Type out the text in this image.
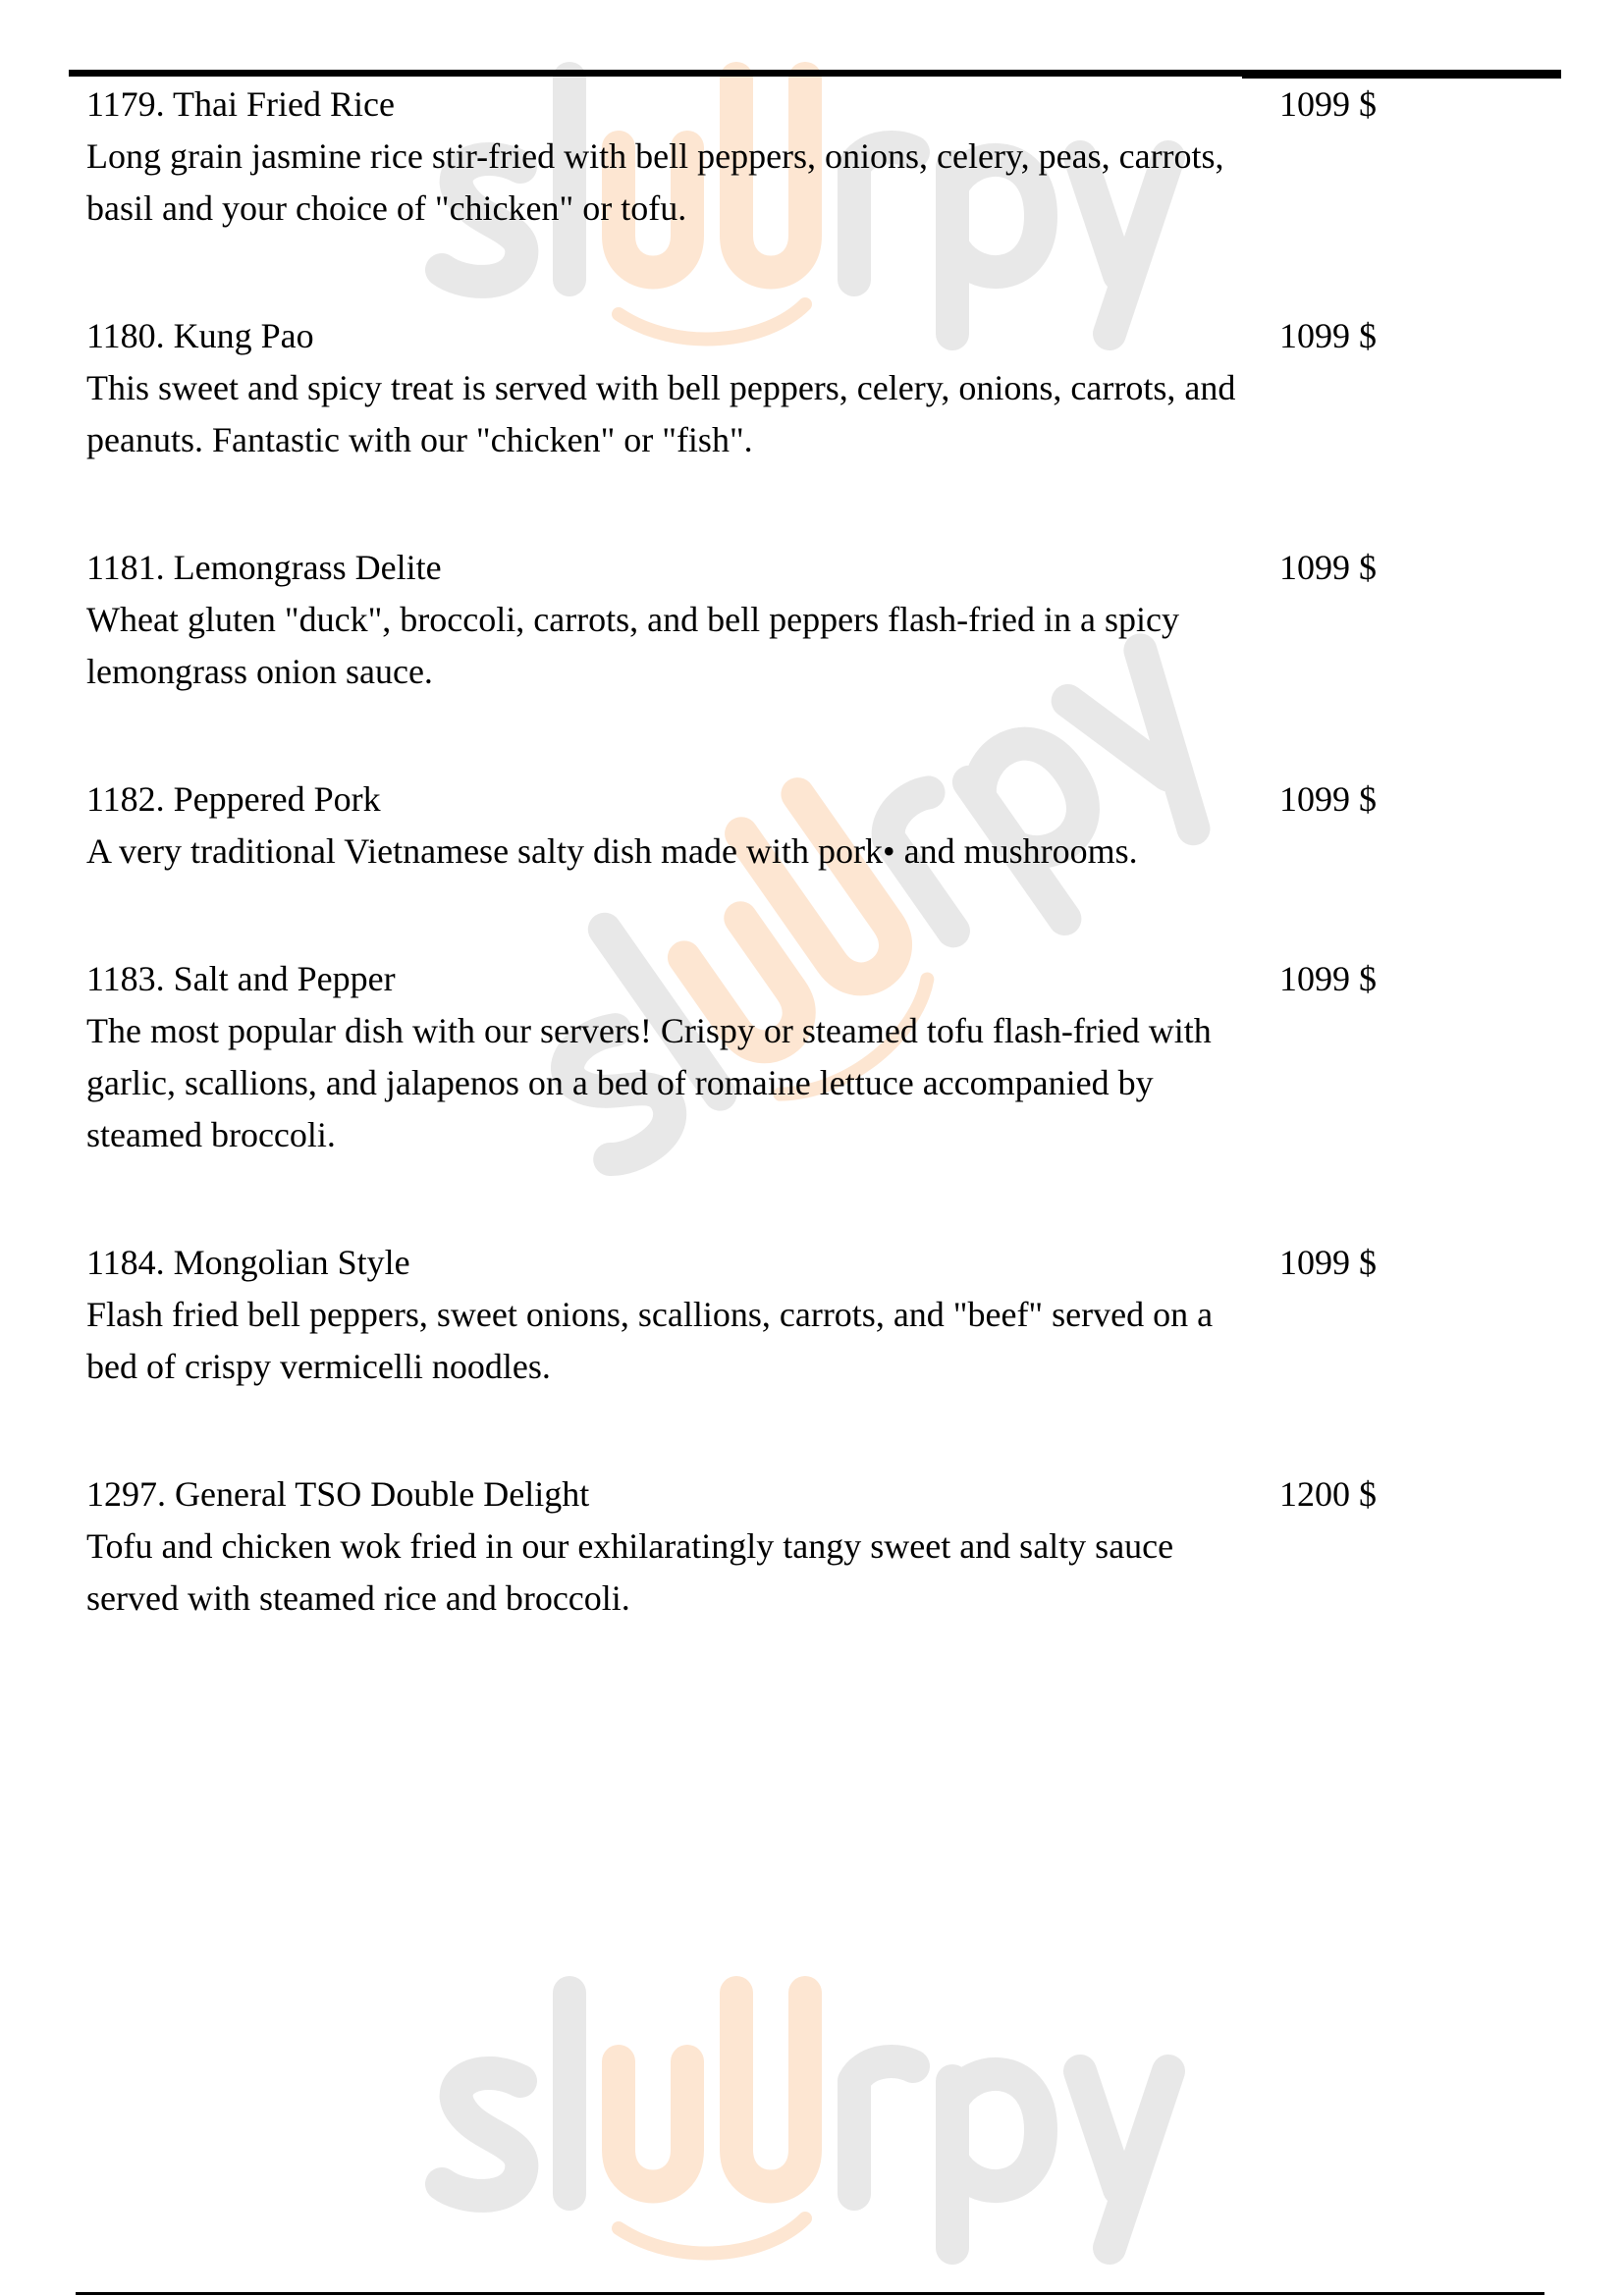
1179. Thai Fried Rice
Long grain jasmine rice stir-fried with bell peppers, onions, celery, peas, carrots, basil and your choice of "chicken" or tofu.
1099 $
1180. Kung Pao
This sweet and spicy treat is served with bell peppers, celery, onions, carrots, and peanuts. Fantastic with our "chicken" or "fish".
1099 $
1181. Lemongrass Delite
Wheat gluten "duck", broccoli, carrots, and bell peppers flash-fried in a spicy lemongrass onion sauce.
1099 $
1182. Peppered Pork
A very traditional Vietnamese salty dish made with pork• and mushrooms.
1099 $
1183. Salt and Pepper
The most popular dish with our servers! Crispy or steamed tofu flash-fried with garlic, scallions, and jalapenos on a bed of romaine lettuce accompanied by steamed broccoli.
1099 $
1184. Mongolian Style
Flash fried bell peppers, sweet onions, scallions, carrots, and "beef" served on a bed of crispy vermicelli noodles.
1099 $
1297. General TSO Double Delight
Tofu and chicken wok fried in our exhilaratingly tangy sweet and salty sauce served with steamed rice and broccoli.
1200 $
